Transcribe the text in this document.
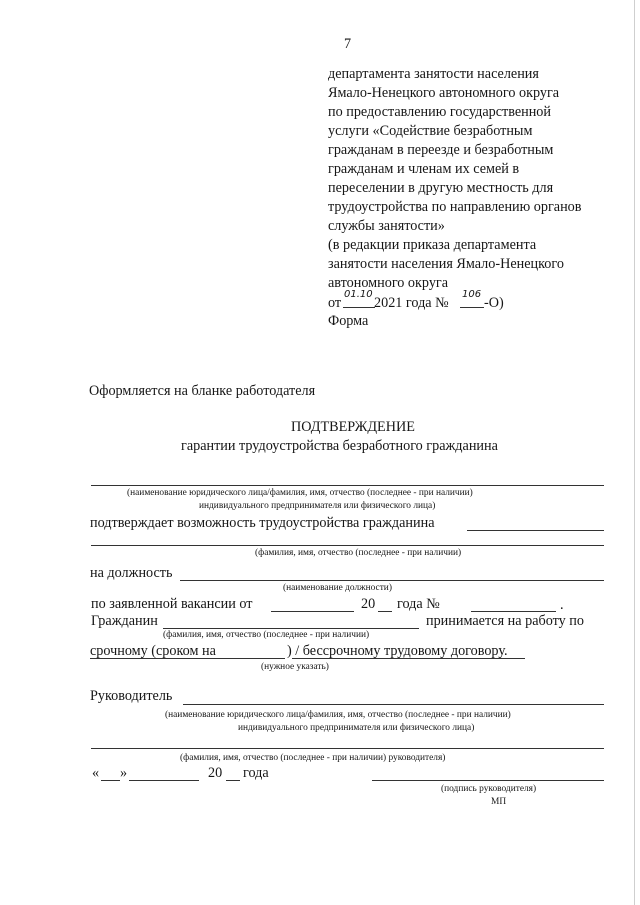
7
департамента занятости населения
Ямало-Ненецкого автономного округа
по предоставлению государственной
услуги «Содействие безработным
гражданам в переезде и безработным
гражданам и членам их семей в
переселении в другую местность для
трудоустройства по направлению органов
службы занятости»
(в редакции приказа департамента
занятости населения Ямало-Ненецкого
автономного округа
от
01.10
2021 года №
106
-О)
Форма
Оформляется на бланке работодателя
ПОДТВЕРЖДЕНИЕ
гарантии трудоустройства безработного гражданина
(наименование юридического лица/фамилия, имя, отчество (последнее - при наличии)
индивидуального предпринимателя или физического лица)
подтверждает возможность трудоустройства гражданина
(фамилия, имя, отчество (последнее - при наличии)
на должность
(наименование должности)
по заявленной вакансии от	20 года №	.
Гражданин	принимается на работу по
(фамилия, имя, отчество (последнее - при наличии)
срочному (сроком на	) / бессрочному трудовому договору.
(нужное указать)
Руководитель
(наименование юридического лица/фамилия, имя, отчество (последнее - при наличии)
индивидуального предпринимателя или физического лица)
(фамилия, имя, отчество (последнее - при наличии) руководителя)
« »	20 года
(подпись руководителя)
МП
